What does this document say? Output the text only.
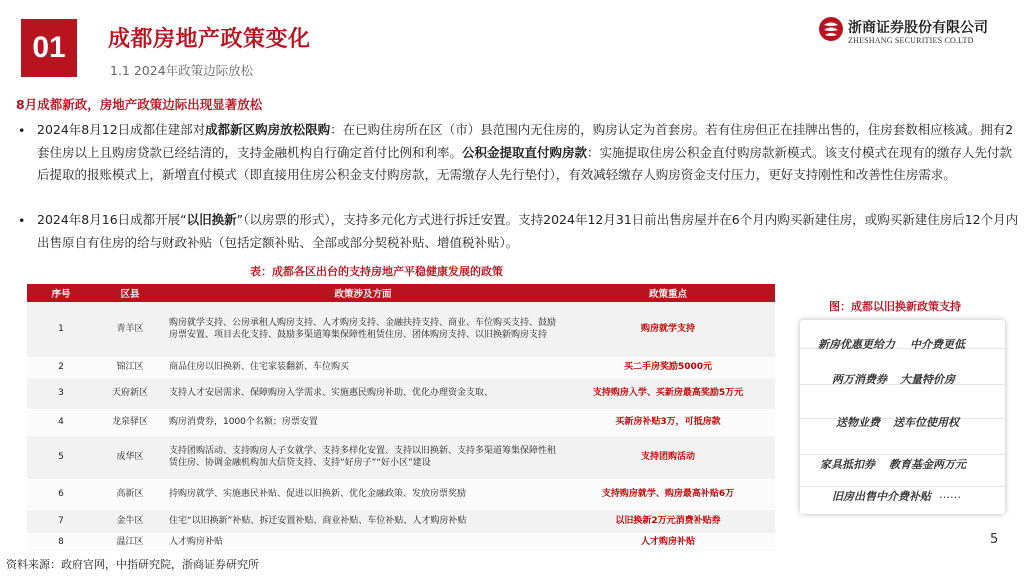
01	成都房地产政策变化
1.1 2024年政策边际放松
浙商证券股份有限公司
ZHESHANG SECURITIES CO.LTD
8月成都新政，房地产政策边际出现显著放松
• 2024年8月12日成都住建部对成都新区购房放松限购：在已购住房所在区（市）县范围内无住房的，购房认定为首套房。若有住房但正在挂牌出售的，住房套数相应核减。拥有2套住房以上且购房贷款已经结清的，支持金融机构自行确定首付比例和利率。公积金提取直付购房款：实施提取住房公积金直付购房款新模式。该支付模式在现有的缴存人先付款后提取的报账模式上，新增直付模式（即直接用住房公积金支付购房款，无需缴存人先行垫付），有效减轻缴存人购房资金支付压力，更好支持刚性和改善性住房需求。
• 2024年8月16日成都开展“以旧换新”（以房票的形式），支持多元化方式进行拆迁安置。支持2024年12月31日前出售房屋并在6个月内购买新建住房，或购买新建住房后12个月内出售原自有住房的给与财政补贴（包括定额补贴、全部或部分契税补贴、增值税补贴）。
表：成都各区出台的支持房地产平稳健康发展的政策
序号	区县	政策涉及方面	政策重点
1	青羊区	购房就学支持、公房承租人购房支持、人才购房支持、金融扶持支持、商业、车位购买支持、鼓励房票安置、项目去化支持、鼓励多渠道筹集保障性租赁住房、团体购房支持、以旧换新购房支持	购房就学支持
2	锦江区	商品住房以旧换新、住宅家装翻新、车位购买	买二手房奖励5000元
3	天府新区	支持人才安居需求、保障购房入学需求、实施惠民购房补助、优化办理资金支取、	支持购房入学、买新房最高奖励5万元
4	龙泉驿区	购房消费券，1000个名额；房票安置	买新房补贴3万，可抵房款
5	成华区	支持团购活动、支持购房人子女就学、支持多样化安置、支持以旧换新、支持多渠道筹集保障性租赁住房、协调金融机构加大信贷支持、支持“好房子”“好小区”建设	支持团购活动
6	高新区	持购房就学、实施惠民补贴、促进以旧换新、优化金融政策、发放房票奖励	支持购房就学、购房最高补贴6万
7	金牛区	住宅“以旧换新”补贴、拆迁安置补贴、商业补贴、车位补贴、人才购房补贴	以旧换新2万元消费补贴券
8	温江区	人才购房补贴	人才购房补贴
图：成都以旧换新政策支持
新房优惠更给力 中介费更低
两万消费券 大量特价房
送物业费 送车位使用权
家具抵扣券 教育基金两万元
旧房出售中介费补贴 ……
资料来源：政府官网，中指研究院，浙商证券研究所
5
